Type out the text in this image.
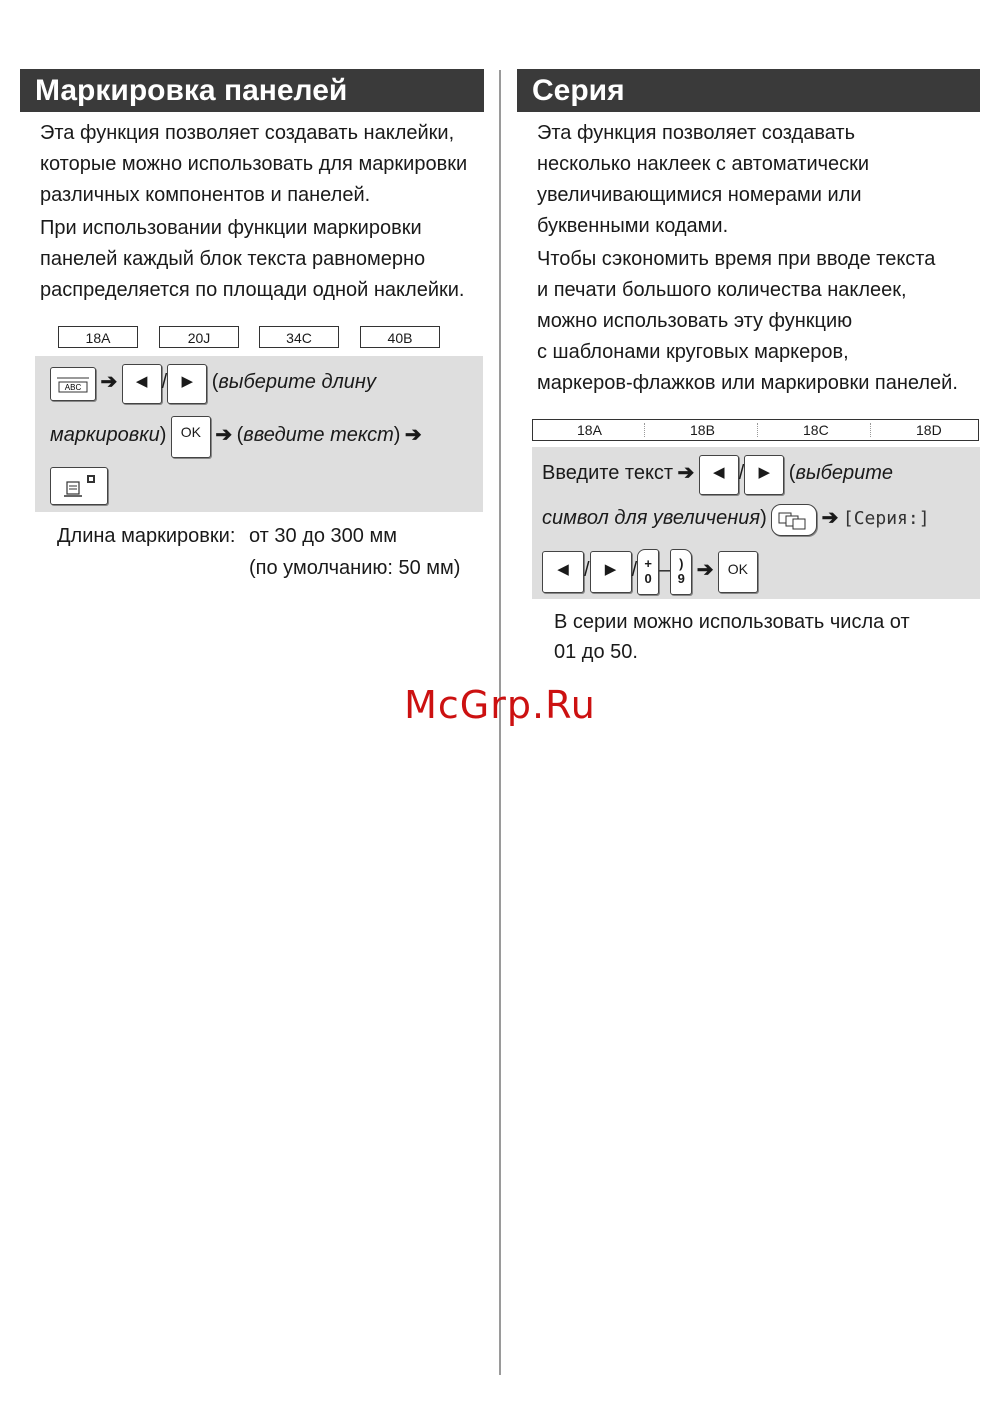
Маркировка панелей

Эта функция позволяет создавать наклейки,
которые можно использовать для маркировки
различных компонентов и панелей.

При использовании функции маркировки
панелей каждый блок текста равномерно
распределяется по площади одной наклейки.

18A	20J	34C	40B
ABC ➔ ◀ / ▶ (выберите длину
маркировки) OK ➔ (введите текст) ➔
Длина маркировки: от 30 до 300 мм
(по умолчанию: 50 мм)
Серия

Эта функция позволяет создавать
несколько наклеек с автоматически
увеличивающимися номерами или
буквенными кодами.

Чтобы сэкономить время при вводе текста
и печати большого количества наклеек,
можно использовать эту функцию
с шаблонами круговых маркеров,
маркеров-флажков или маркировки панелей.

18A	18B	18C	18D
Введите текст ➔ ◀ / ▶ (выберите
символ для увеличения)	➔ [Серия:]
◀ / ▶ / +
0 – )
9 ➔ OK
В серии можно использовать числа от
01 до 50.
McGrp.Ru
